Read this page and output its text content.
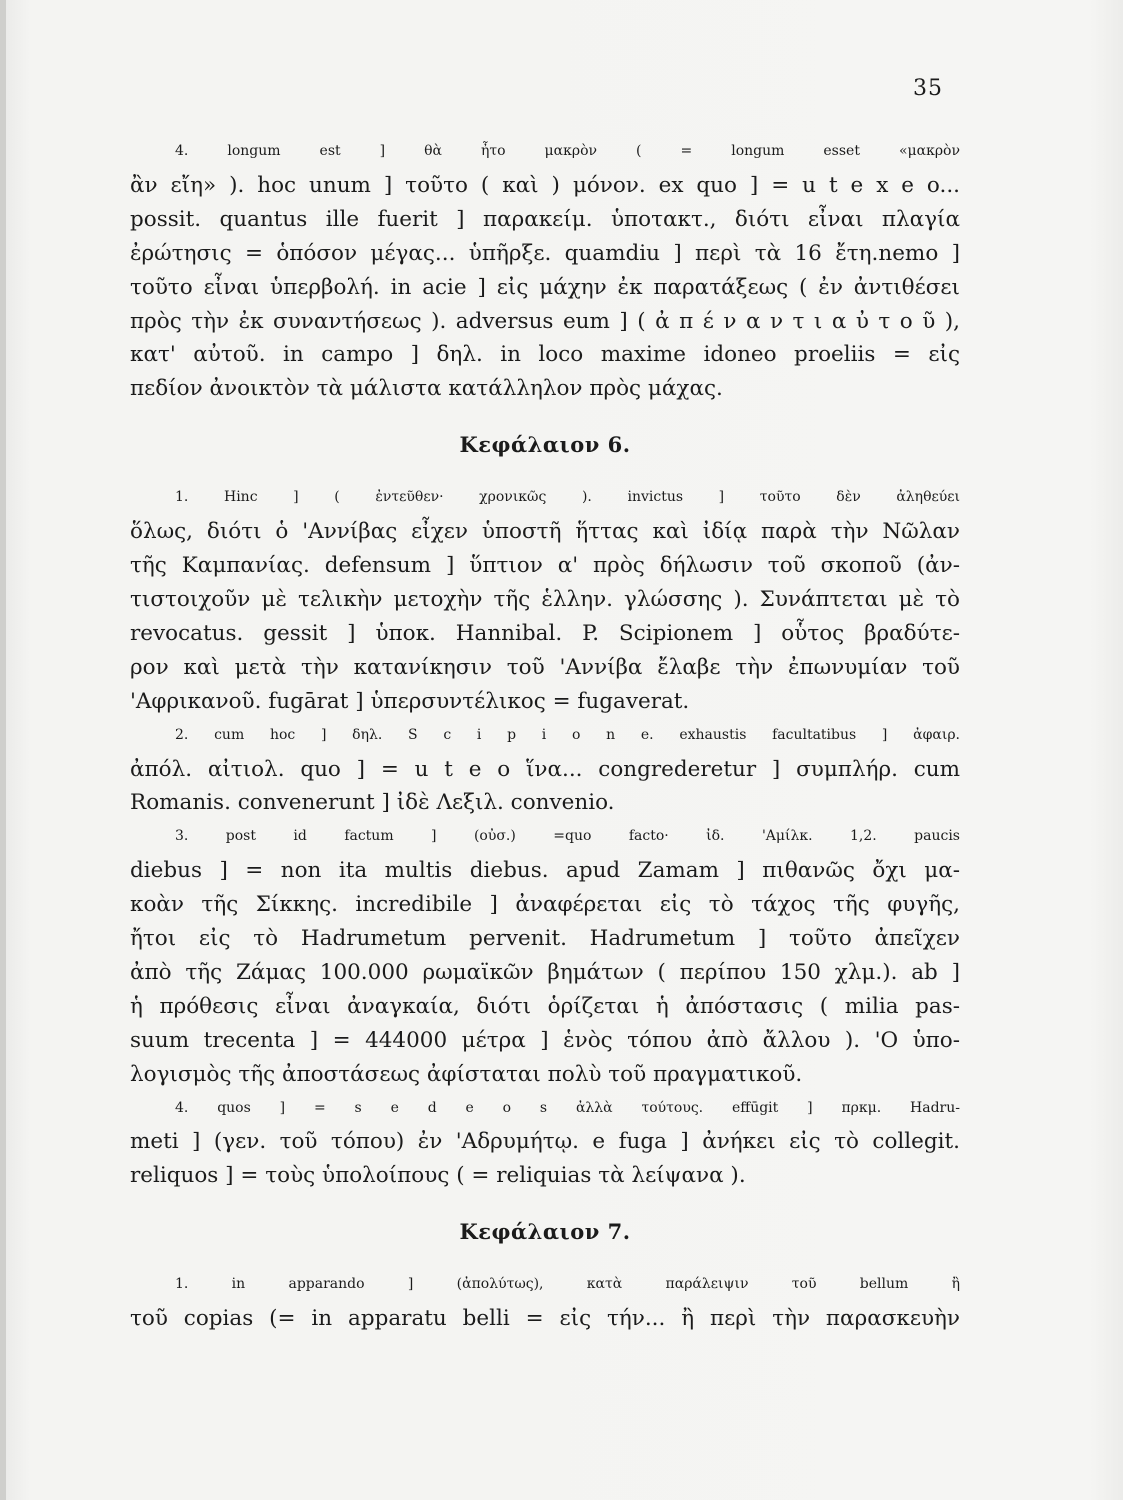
35

4. longum est ] θὰ ἦτο μακρὸν ( = longum esset «μακρὸν
ἂν εἴη» ). hoc unum ] τοῦτο ( καὶ ) μόνον. ex quo ] = u t e x e o...
possit. quantus ille fuerit ] παρακείμ. ὑποτακτ., διότι εἶναι πλαγία
ἐρώτησις = ὁπόσον μέγας... ὑπῆρξε. quamdiu ] περὶ τὰ 16 ἔτη.nemo ]
τοῦτο εἶναι ὑπερβολή. in acie ] εἰς μάχην ἐκ παρατάξεως ( ἐν ἀντιθέσει
πρὸς τὴν ἐκ συναντήσεως ). adversus eum ] ( ἀ π έ ν α ν τ ι α ὐ τ ο ῦ ),
κατ' αὐτοῦ. in campo ] δηλ. in loco maxime idoneo proeliis = εἰς
πεδίον ἀνοικτὸν τὰ μάλιστα κατάλληλον πρὸς μάχας.

Κεφάλαιον 6.

1. Hinc ] ( ἐντεῦθεν· χρονικῶς ). invictus ] τοῦτο δὲν ἀληθεύει
ὅλως, διότι ὁ 'Αννίβας εἶχεν ὑποστῆ ἥττας καὶ ἰδίᾳ παρὰ τὴν Νῶλαν
τῆς Καμπανίας. defensum ] ὕπτιον α' πρὸς δήλωσιν τοῦ σκοποῦ (ἀν-
τιστοιχοῦν μὲ τελικὴν μετοχὴν τῆς ἑλλην. γλώσσης ). Συνάπτεται μὲ τὸ
revocatus. gessit ] ὑποκ. Hannibal. P. Scipionem ] οὗτος βραδύτε-
ρον καὶ μετὰ τὴν κατανίκησιν τοῦ 'Αννίβα ἔλαβε τὴν ἐπωνυμίαν τοῦ
'Αφρικανοῦ. fugārat ] ὑπερσυντέλικος = fugaverat.

2. cum hoc ] δηλ. S c i p i o n e. exhaustis facultatibus ] ἀφαιρ.
ἀπόλ. αἰτιολ. quo ] = u t e o ἵνα... congrederetur ] συμπλήρ. cum
Romanis. convenerunt ] ἰδὲ Λεξιλ. convenio.

3. post id factum ] (οὐσ.) =quo facto· ἰδ. 'Αμίλκ. 1,2. paucis
diebus ] = non ita multis diebus. apud Zamam ] πιθανῶς ὄχι μα-
κοὰν τῆς Σίκκης. incredibile ] ἀναφέρεται εἰς τὸ τάχος τῆς φυγῆς,
ἤτοι εἰς τὸ Hadrumetum pervenit. Hadrumetum ] τοῦτο ἀπεῖχεν
ἀπὸ τῆς Ζάμας 100.000 ρωμαϊκῶν βημάτων ( περίπου 150 χλμ.). ab ]
ἡ πρόθεσις εἶναι ἀναγκαία, διότι ὁρίζεται ἡ ἀπόστασις ( milia pas-
suum trecenta ] = 444000 μέτρα ] ἑνὸς τόπου ἀπὸ ἄλλου ). 'Ο ὑπο-
λογισμὸς τῆς ἀποστάσεως ἀφίσταται πολὺ τοῦ πραγματικοῦ.

4. quos ] = s e d e o s ἀλλὰ τούτους. effūgit ] πρκμ. Hadru-
meti ] (γεν. τοῦ τόπου) ἐν 'Αδρυμήτῳ. e fuga ] ἀνήκει εἰς τὸ collegit.
reliquos ] = τοὺς ὑπολοίπους ( = reliquias τὰ λείψανα ).

Κεφάλαιον 7.

1. in apparando ] (ἀπολύτως), κατὰ παράλειψιν τοῦ bellum ἢ
τοῦ copias (= in apparatu belli = εἰς τήν... ἢ περὶ τὴν παρασκευὴν
